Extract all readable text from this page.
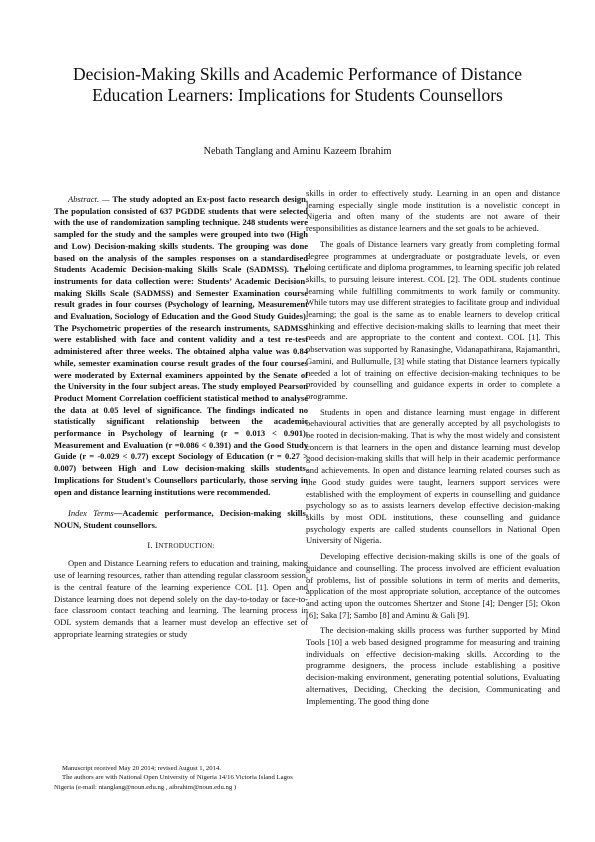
Decision-Making Skills and Academic Performance of Distance Education Learners: Implications for Students Counsellors
Nebath Tanglang and Aminu Kazeem Ibrahim

Abstract. — The study adopted an Ex-post facto research design. The population consisted of 637 PGDDE students that were selected with the use of randomization sampling technique. 248 students were sampled for the study and the samples were grouped into two (High and Low) Decision-making skills students. The grouping was done based on the analysis of the samples responses on a standardised Students Academic Decision-making Skills Scale (SADMSS). The instruments for data collection were: Students’ Academic Decision-making Skills Scale (SADMSS) and Semester Examination course result grades in four courses (Psychology of learning, Measurement and Evaluation, Sociology of Education and the Good Study Guides). The Psychometric properties of the research instruments, SADMSS were established with face and content validity and a test re-test administered after three weeks. The obtained alpha value was 0.84 while, semester examination course result grades of the four courses were moderated by External examiners appointed by the Senate of the University in the four subject areas. The study employed Pearson Product Moment Correlation coefficient statistical method to analyse the data at 0.05 level of significance. The findings indicated no statistically significant relationship between the academic performance in Psychology of learning (r = 0.013 < 0.901), Measurement and Evaluation (r =0.086 < 0.391) and the Good Study Guide (r = -0.029 < 0.77) except Sociology of Education (r = 0.27 > 0.007) between High and Low decision-making skills students. Implications for Student's Counsellors particularly, those serving in open and distance learning institutions were recommended.

Index Terms—Academic performance, Decision-making skills, NOUN, Student counsellors.

I. INTRODUCTION:

Open and Distance Learning refers to education and training, making use of learning resources, rather than attending regular classroom session, is the central feature of the learning experience COL [1]. Open and Distance learning does not depend solely on the day-to-today or face-to-face classroom contact teaching and learning. The learning process in ODL system demands that a learner must develop an effective set of appropriate learning strategies or study

skills in order to effectively study. Learning in an open and distance learning especially single mode institution is a novelistic concept in Nigeria and often many of the students are not aware of their responsibilities as distance learners and the set goals to be achieved.

The goals of Distance learners vary greatly from completing formal degree programmes at undergraduate or postgraduate levels, or even doing certificate and diploma programmes, to learning specific job related skills, to pursuing leisure interest. COL [2]. The ODL students continue learning while fulfilling commitments to work family or community. While tutors may use different strategies to facilitate group and individual learning; the goal is the same as to enable learners to develop critical thinking and effective decision-making skills to learning that meet their needs and are appropriate to the content and context. COL [1]. This observation was supported by Ranasinghe, Vidanapathirana, Rajamanthri, Gamini, and Bullumulle, [3] while stating that Distance learners typically needed a lot of training on effective decision-making techniques to be provided by counselling and guidance experts in order to complete a programme.

Students in open and distance learning must engage in different behavioural activities that are generally accepted by all psychologists to be rooted in decision-making. That is why the most widely and consistent concern is that learners in the open and distance learning must develop good decision-making skills that will help in their academic performance and achievements. In open and distance learning related courses such as the Good study guides were taught, learners support services were established with the employment of experts in counselling and guidance psychology so as to assists learners develop effective decision-making skills by most ODL institutions, these counselling and guidance psychology experts are called students counsellors in National Open University of Nigeria.

Developing effective decision-making skills is one of the goals of guidance and counselling. The process involved are efficient evaluation of problems, list of possible solutions in term of merits and demerits, application of the most appropriate solution, acceptance of the outcomes and acting upon the outcomes Shertzer and Stone [4]; Denger [5]; Okon [6]; Saka [7]; Sambo [8] and Aminu & Gali [9].

The decision-making skills process was further supported by Mind Tools [10] a web based designed programme for measuring and training individuals on effective decision-making skills. According to the programme designers, the process include establishing a positive decision-making environment, generating potential solutions, Evaluating alternatives, Deciding, Checking the decision, Communicating and Implementing. The good thing done

Manuscript received May 20 2014; revised August 1, 2014.
The authors are with National Open University of Nigeria 14/16 Victoria Island Lagos Nigeria (e-mail: ntanglang@noun.edu.ng , aibrahim@noun.edu.ng )
